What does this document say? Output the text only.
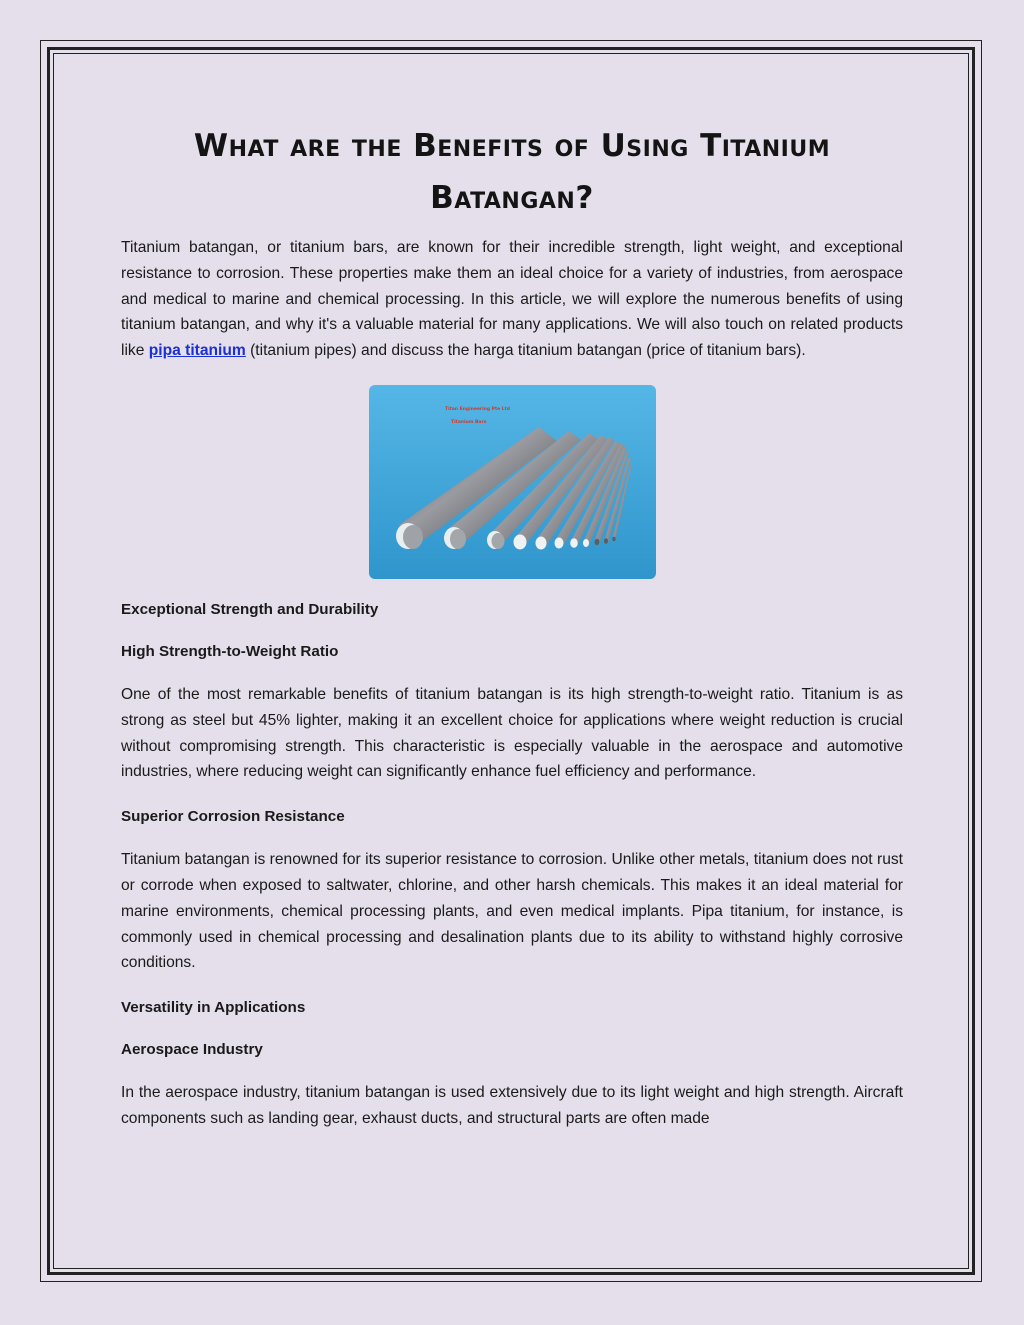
What are the Benefits of Using Titanium Batangan?

Titanium batangan, or titanium bars, are known for their incredible strength, light weight, and exceptional resistance to corrosion. These properties make them an ideal choice for a variety of industries, from aerospace and medical to marine and chemical processing. In this article, we will explore the numerous benefits of using titanium batangan, and why it's a valuable material for many applications. We will also touch on related products like pipa titanium (titanium pipes) and discuss the harga titanium batangan (price of titanium bars).

Titan Engineering Pte Ltd
Titanium Bars
Exceptional Strength and Durability
High Strength-to-Weight Ratio

One of the most remarkable benefits of titanium batangan is its high strength-to-weight ratio. Titanium is as strong as steel but 45% lighter, making it an excellent choice for applications where weight reduction is crucial without compromising strength. This characteristic is especially valuable in the aerospace and automotive industries, where reducing weight can significantly enhance fuel efficiency and performance.

Superior Corrosion Resistance

Titanium batangan is renowned for its superior resistance to corrosion. Unlike other metals, titanium does not rust or corrode when exposed to saltwater, chlorine, and other harsh chemicals. This makes it an ideal material for marine environments, chemical processing plants, and even medical implants. Pipa titanium, for instance, is commonly used in chemical processing and desalination plants due to its ability to withstand highly corrosive conditions.

Versatility in Applications
Aerospace Industry

In the aerospace industry, titanium batangan is used extensively due to its light weight and high strength. Aircraft components such as landing gear, exhaust ducts, and structural parts are often made
